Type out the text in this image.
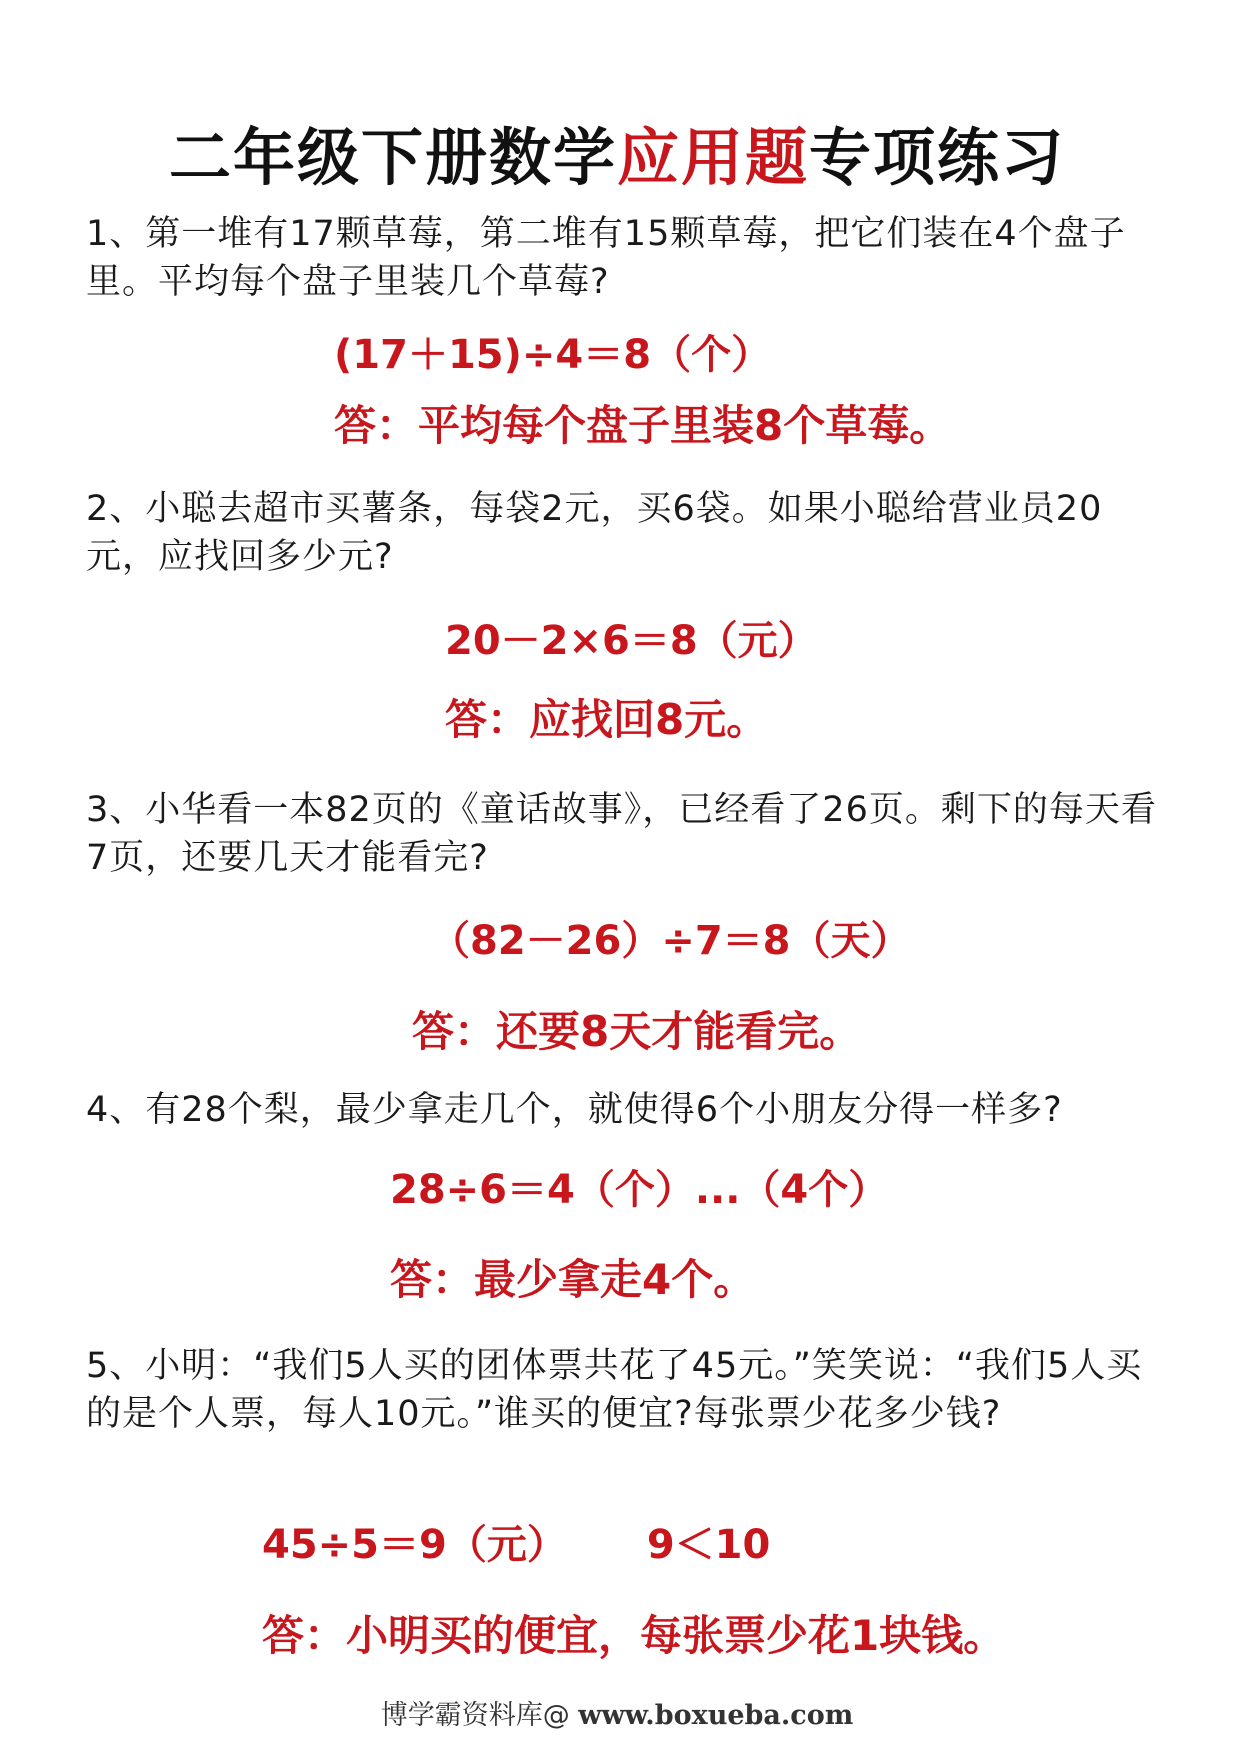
二年级下册数学应用题专项练习
1、第一堆有17颗草莓，第二堆有15颗草莓，把它们装在4个盘子里。平均每个盘子里装几个草莓?
(17＋15)÷4＝8（个）
答：平均每个盘子里装8个草莓。
2、小聪去超市买薯条，每袋2元，买6袋。如果小聪给营业员20元，应找回多少元?
20－2×6＝8（元）
答：应找回8元。
3、小华看一本82页的《童话故事》，已经看了26页。剩下的每天看7页，还要几天才能看完?
（82－26）÷7＝8（天）
答：还要8天才能看完。
4、有28个梨，最少拿走几个，就使得6个小朋友分得一样多?
28÷6＝4（个）...（4个）
答：最少拿走4个。
5、小明：“我们5人买的团体票共花了45元。”笑笑说：“我们5人买的是个人票，每人10元。”谁买的便宜?每张票少花多少钱?
45÷5＝9（元） 9＜10
答：小明买的便宜，每张票少花1块钱。
博学霸资料库@ www.boxueba.com
